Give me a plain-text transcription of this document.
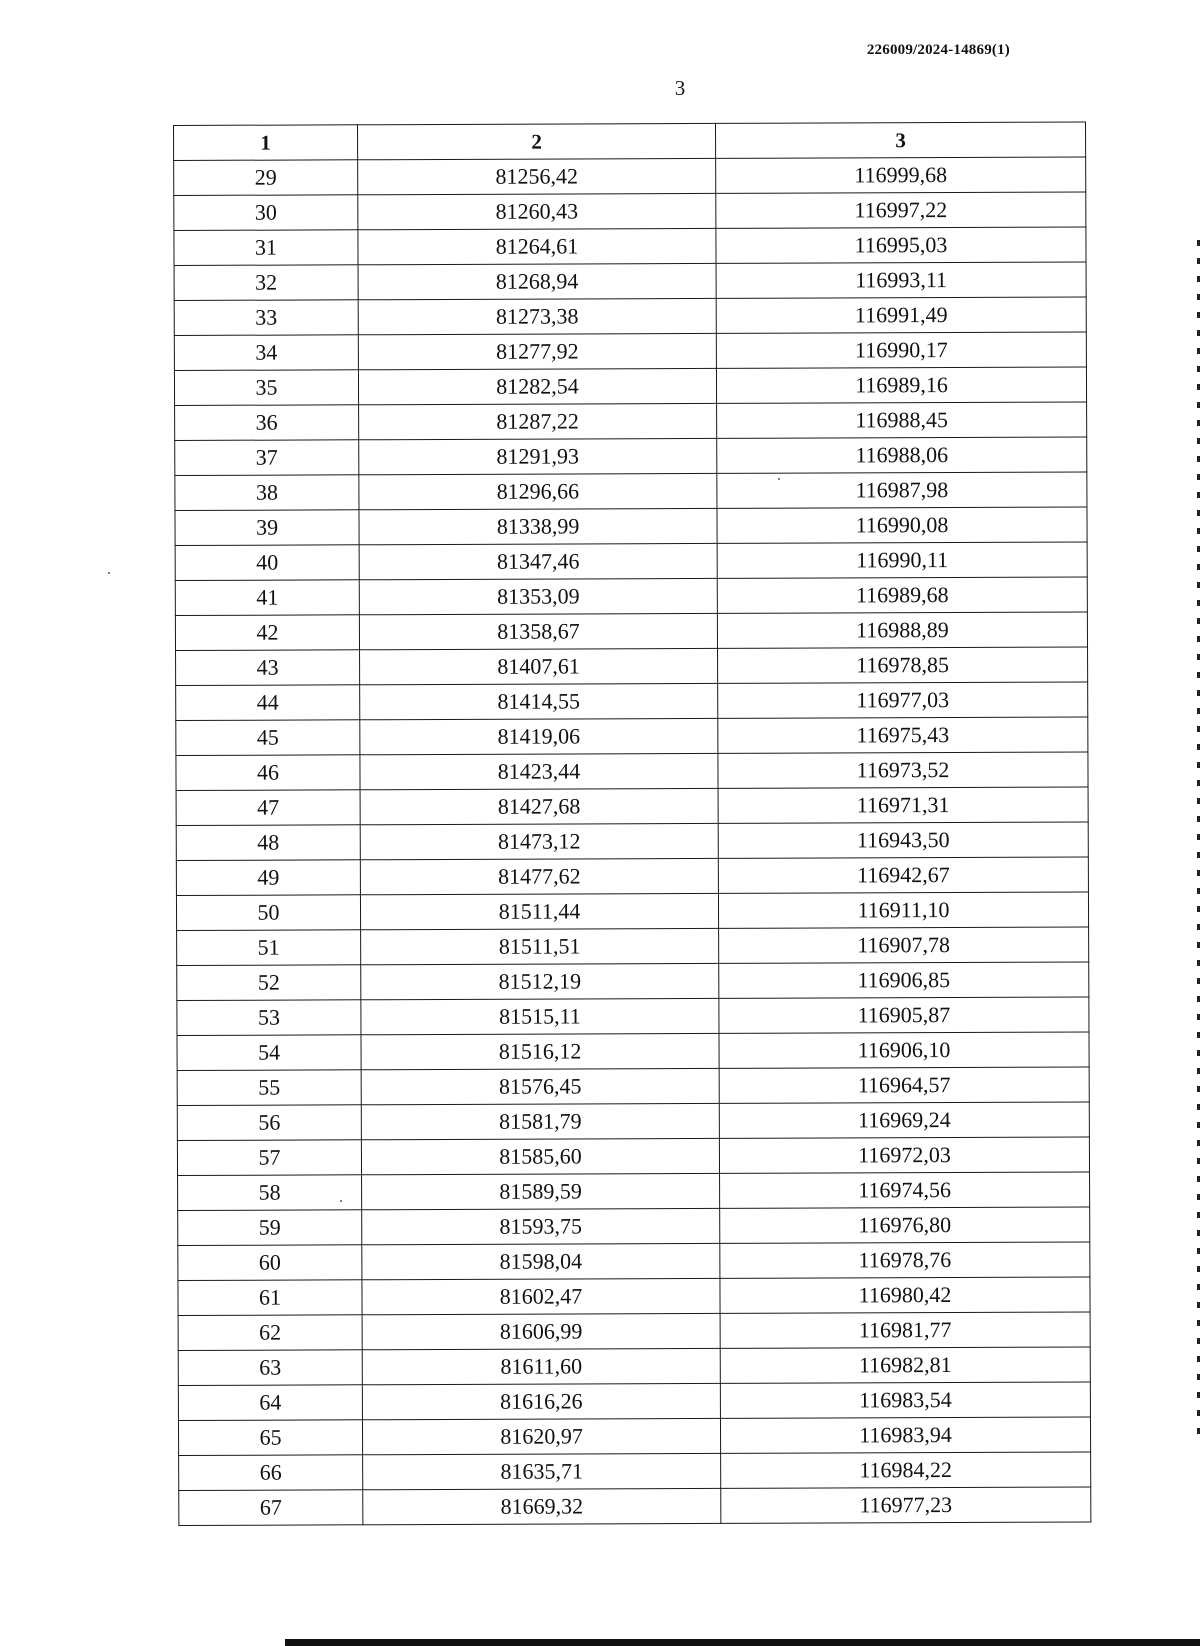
226009/2024-14869(1)
3
1	2	3
29	81256,42	116999,68
30	81260,43	116997,22
31	81264,61	116995,03
32	81268,94	116993,11
33	81273,38	116991,49
34	81277,92	116990,17
35	81282,54	116989,16
36	81287,22	116988,45
37	81291,93	116988,06
38	81296,66	116987,98
39	81338,99	116990,08
40	81347,46	116990,11
41	81353,09	116989,68
42	81358,67	116988,89
43	81407,61	116978,85
44	81414,55	116977,03
45	81419,06	116975,43
46	81423,44	116973,52
47	81427,68	116971,31
48	81473,12	116943,50
49	81477,62	116942,67
50	81511,44	116911,10
51	81511,51	116907,78
52	81512,19	116906,85
53	81515,11	116905,87
54	81516,12	116906,10
55	81576,45	116964,57
56	81581,79	116969,24
57	81585,60	116972,03
58	81589,59	116974,56
59	81593,75	116976,80
60	81598,04	116978,76
61	81602,47	116980,42
62	81606,99	116981,77
63	81611,60	116982,81
64	81616,26	116983,54
65	81620,97	116983,94
66	81635,71	116984,22
67	81669,32	116977,23
